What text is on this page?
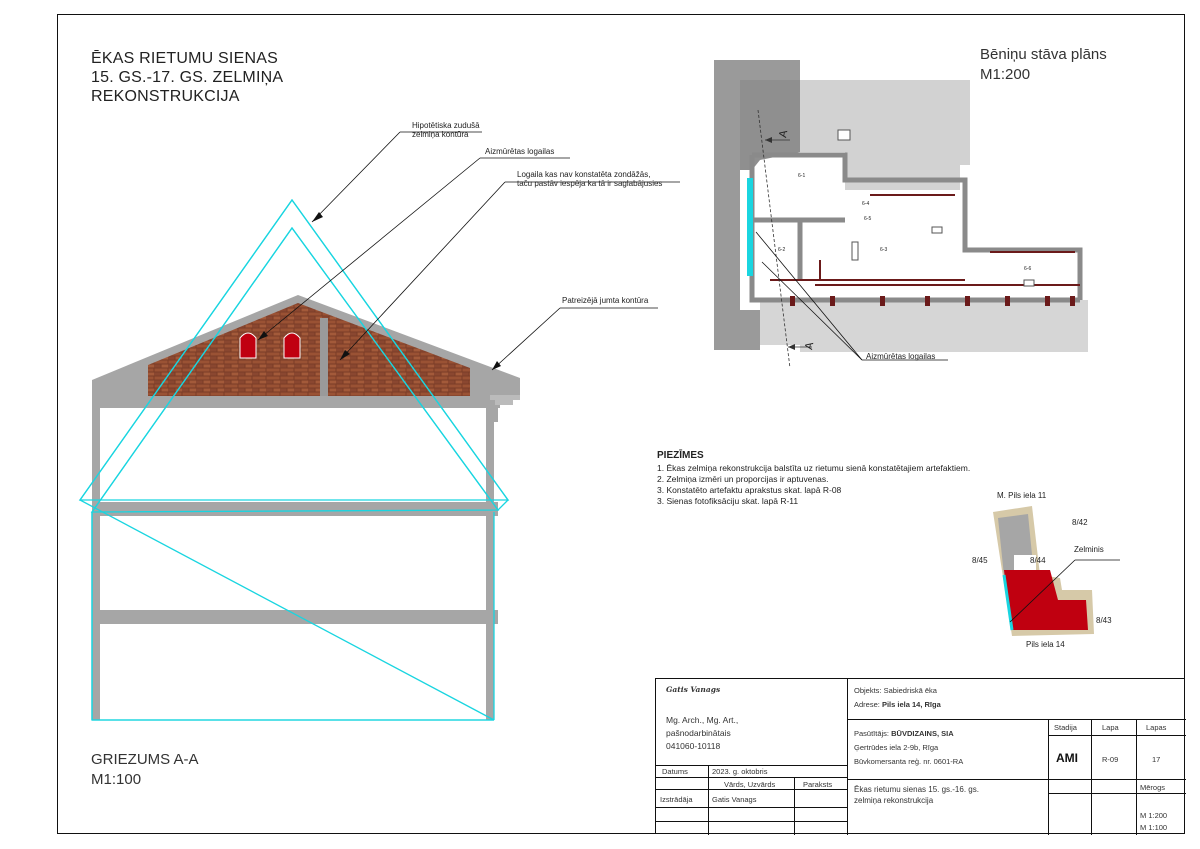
ĒKAS RIETUMU SIENAS
15. GS.-17. GS. ZELMIŅA
REKONSTRUKCIJA
Bēniņu stāva plāns
M1:200
GRIEZUMS A-A
M1:100
Hipotētiska zudušā
zelmiņa kontūra
Aizmūrētas logailas
Logaila kas nav konstatēta zondāžās,
taču pastāv iespēja ka tā ir saglabājusies
Patreizējā jumta kontūra
Aizmūrētas logailas
A
A
6-1
6-4
6-5
6-2	6-3
6-6
PIEZĪMES
1. Ēkas zelmiņa rekonstrukcija balstīta uz rietumu sienā konstatētajiem artefaktiem.
2. Zelmiņa izmēri un proporcijas ir aptuvenas.
3. Konstatēto artefaktu aprakstus skat. lapā R-08
3. Sienas fotofiksāciju skat. lapā R-11
M. Pils iela 11
8/42
Zelminis
8/45	8/44
8/43
Pils iela 14
Gatis Vanags
Mg. Arch., Mg. Art.,
pašnodarbinātais
041060-10118
Datums	2023. g. oktobris
Vārds, Uzvārds	Paraksts
Izstrādāja	Gatis Vanags
Objekts: Sabiedriskā ēka
Adrese: Pils iela 14, Rīga
Pasūtītājs: BŪVDIZAINS, SIA
Ģertrūdes iela 2-9b, Rīga
Būvkomersanta reģ. nr. 0601-RA
Ēkas rietumu sienas 15. gs.-16. gs.
zelmiņa rekonstrukcija
Stadija	Lapa	Lapas
AMI	R-09	17
Mērogs
M 1:200
M 1:100
